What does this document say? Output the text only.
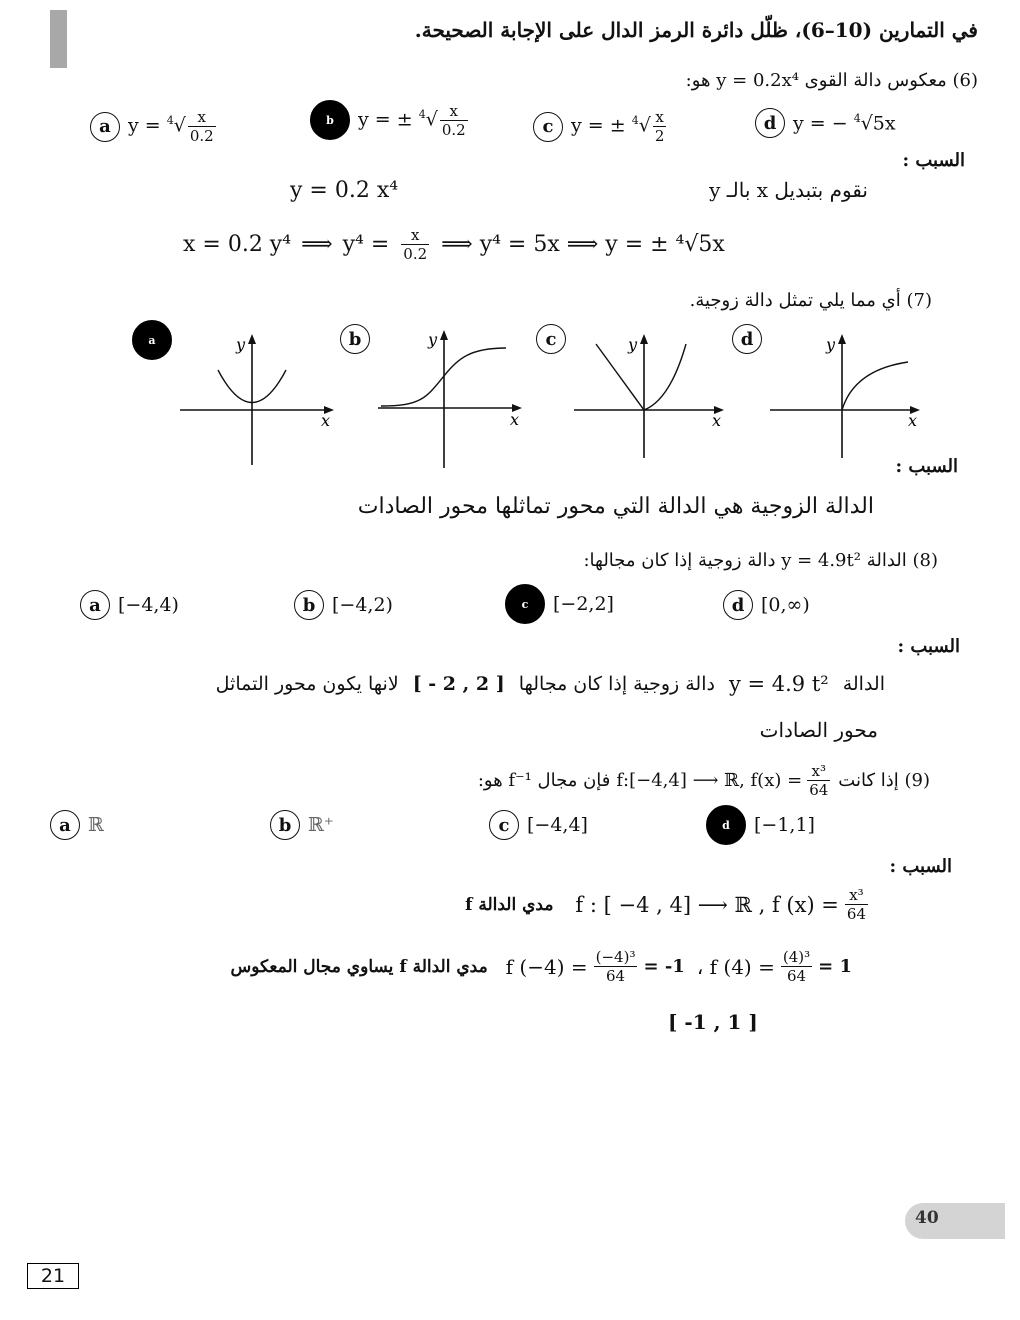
في التمارين (10–6)، ظلّل دائرة الرمز الدال على الإجابة الصحيحة.
(6) معكوس دالة القوى y = 0.2x⁴ هو:
a $y = ^4√ \frac{x}{0.2}$	b	y = ± $^4√ \frac{x}{0.2}$	c y = ± $^4√ \frac{x}{2}$	d y = − $^4$√5x
السبب :
نقوم بتبديل x بالـ y
y = 0.2 x⁴
x = 0.2 y⁴ ⟹ $y^4 = \frac{x}{0.2}$ ⟹ y⁴ = 5x ⟹ y = ± ⁴√5x
(7) أي مما يلي تمثل دالة زوجية.
a	b	c	d
y
x
y
x
y
x
y
x
السبب :
الدالة الزوجية هي الدالة التي محور تماثلها محور الصادات
(8) الدالة y = 4.9t² دالة زوجية إذا كان مجالها:
a [−4,4)	b [−4,2)	c	[−2,2]	d [0,∞)
السبب :
الدالة
y = 4.9 t²
دالة زوجية إذا كان مجالها
[ - 2 , 2 ]
لانها يكون محور التماثل
محور الصادات
(9) إذا كانت
f:[−4,4] ⟶ ℝ, $f(x) = \frac{\text{x³}}{64}$
فإن مجال f⁻¹ هو:
a ℝ	b ℝ⁺	c [−4,4]	d	[−1,1]
السبب :
f : [ −4 , 4] ⟶ ℝ , f $(x) = \frac{\text{x³}}{64}$
مدي الدالة f
f $(-4) = \frac{\text{(−4)³}}{64} = -1$ ، f $(4) = \frac{\text{(4)³}}{64} = 1$
مدي الدالة f يساوي مجال المعكوس
[ -1 , 1 ]
40
21
